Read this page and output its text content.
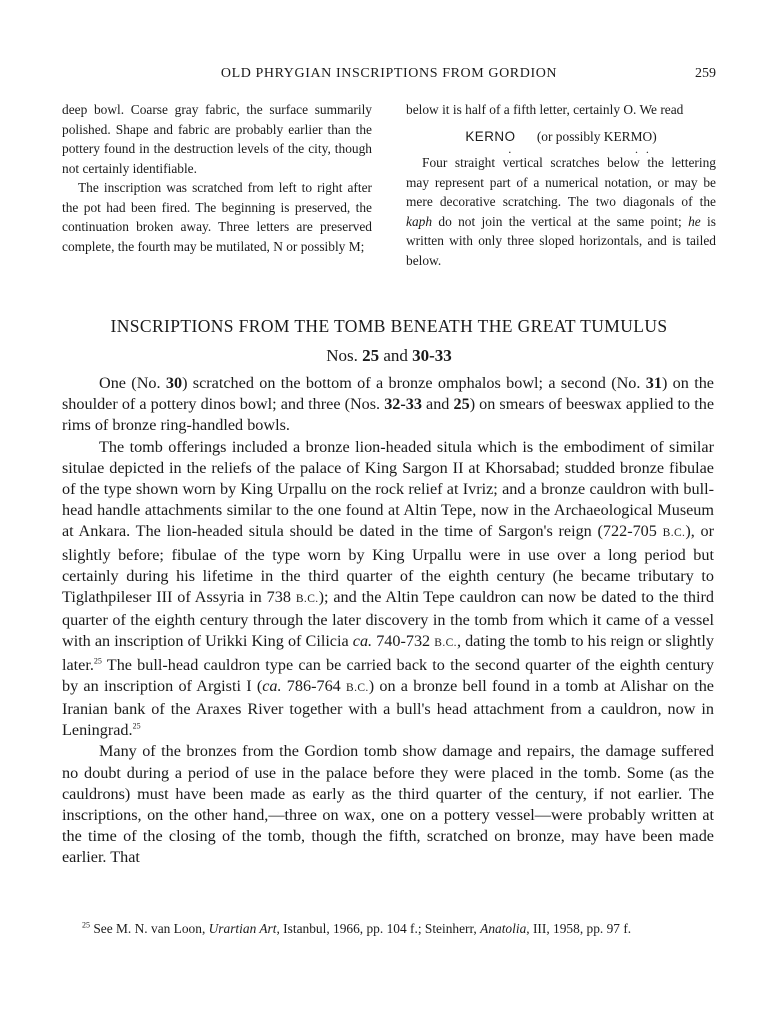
OLD PHRYGIAN INSCRIPTIONS FROM GORDION	259

deep bowl. Coarse gray fabric, the surface summarily polished. Shape and fabric are probably earlier than the pottery found in the destruction levels of the city, though not certainly identifiable.

The inscription was scratched from left to right after the pot had been fired. The beginning is preserved, the continuation broken away. Three letters are preserved complete, the fourth may be mutilated, N or possibly M;

below it is half of a fifth letter, certainly O. We read

KERNO . (or possibly KERM .O .)

Four straight vertical scratches below the lettering may represent part of a numerical notation, or may be mere decorative scratching. The two diagonals of the kaph do not join the vertical at the same point; he is written with only three sloped horizontals, and is tailed below.

INSCRIPTIONS FROM THE TOMB BENEATH THE GREAT TUMULUS
Nos. 25 and 30-33

One (No. 30) scratched on the bottom of a bronze omphalos bowl; a second (No. 31) on the shoulder of a pottery dinos bowl; and three (Nos. 32-33 and 25) on smears of beeswax applied to the rims of bronze ring-handled bowls.

The tomb offerings included a bronze lion-headed situla which is the embodiment of similar situlae depicted in the reliefs of the palace of King Sargon II at Khorsabad; studded bronze fibulae of the type shown worn by King Urpallu on the rock relief at Ivriz; and a bronze cauldron with bull-head handle attachments similar to the one found at Altin Tepe, now in the Archaeological Museum at Ankara. The lion-headed situla should be dated in the time of Sargon's reign (722-705 B.C.), or slightly before; fibulae of the type worn by King Urpallu were in use over a long period but certainly during his lifetime in the third quarter of the eighth century (he became tributary to Tiglathpileser III of Assyria in 738 B.C.); and the Altin Tepe cauldron can now be dated to the third quarter of the eighth century through the later discovery in the tomb from which it came of a vessel with an inscription of Urikki King of Cilicia ca. 740-732 B.C., dating the tomb to his reign or slightly later.$^{25}$ The bull-head cauldron type can be carried back to the second quarter of the eighth century by an inscription of Argisti I (ca. 786-764 B.C.) on a bronze bell found in a tomb at Alishar on the Iranian bank of the Araxes River together with a bull's head attachment from a cauldron, now in Leningrad.$^{25}$

Many of the bronzes from the Gordion tomb show damage and repairs, the damage suffered no doubt during a period of use in the palace before they were placed in the tomb. Some (as the cauldrons) must have been made as early as the third quarter of the century, if not earlier. The inscriptions, on the other hand,—three on wax, one on a pottery vessel—were probably written at the time of the closing of the tomb, though the fifth, scratched on bronze, may have been made earlier. That

$^{25}$ See M. N. van Loon, Urartian Art, Istanbul, 1966, pp. 104 f.; Steinherr, Anatolia, III, 1958, pp. 97 f.
